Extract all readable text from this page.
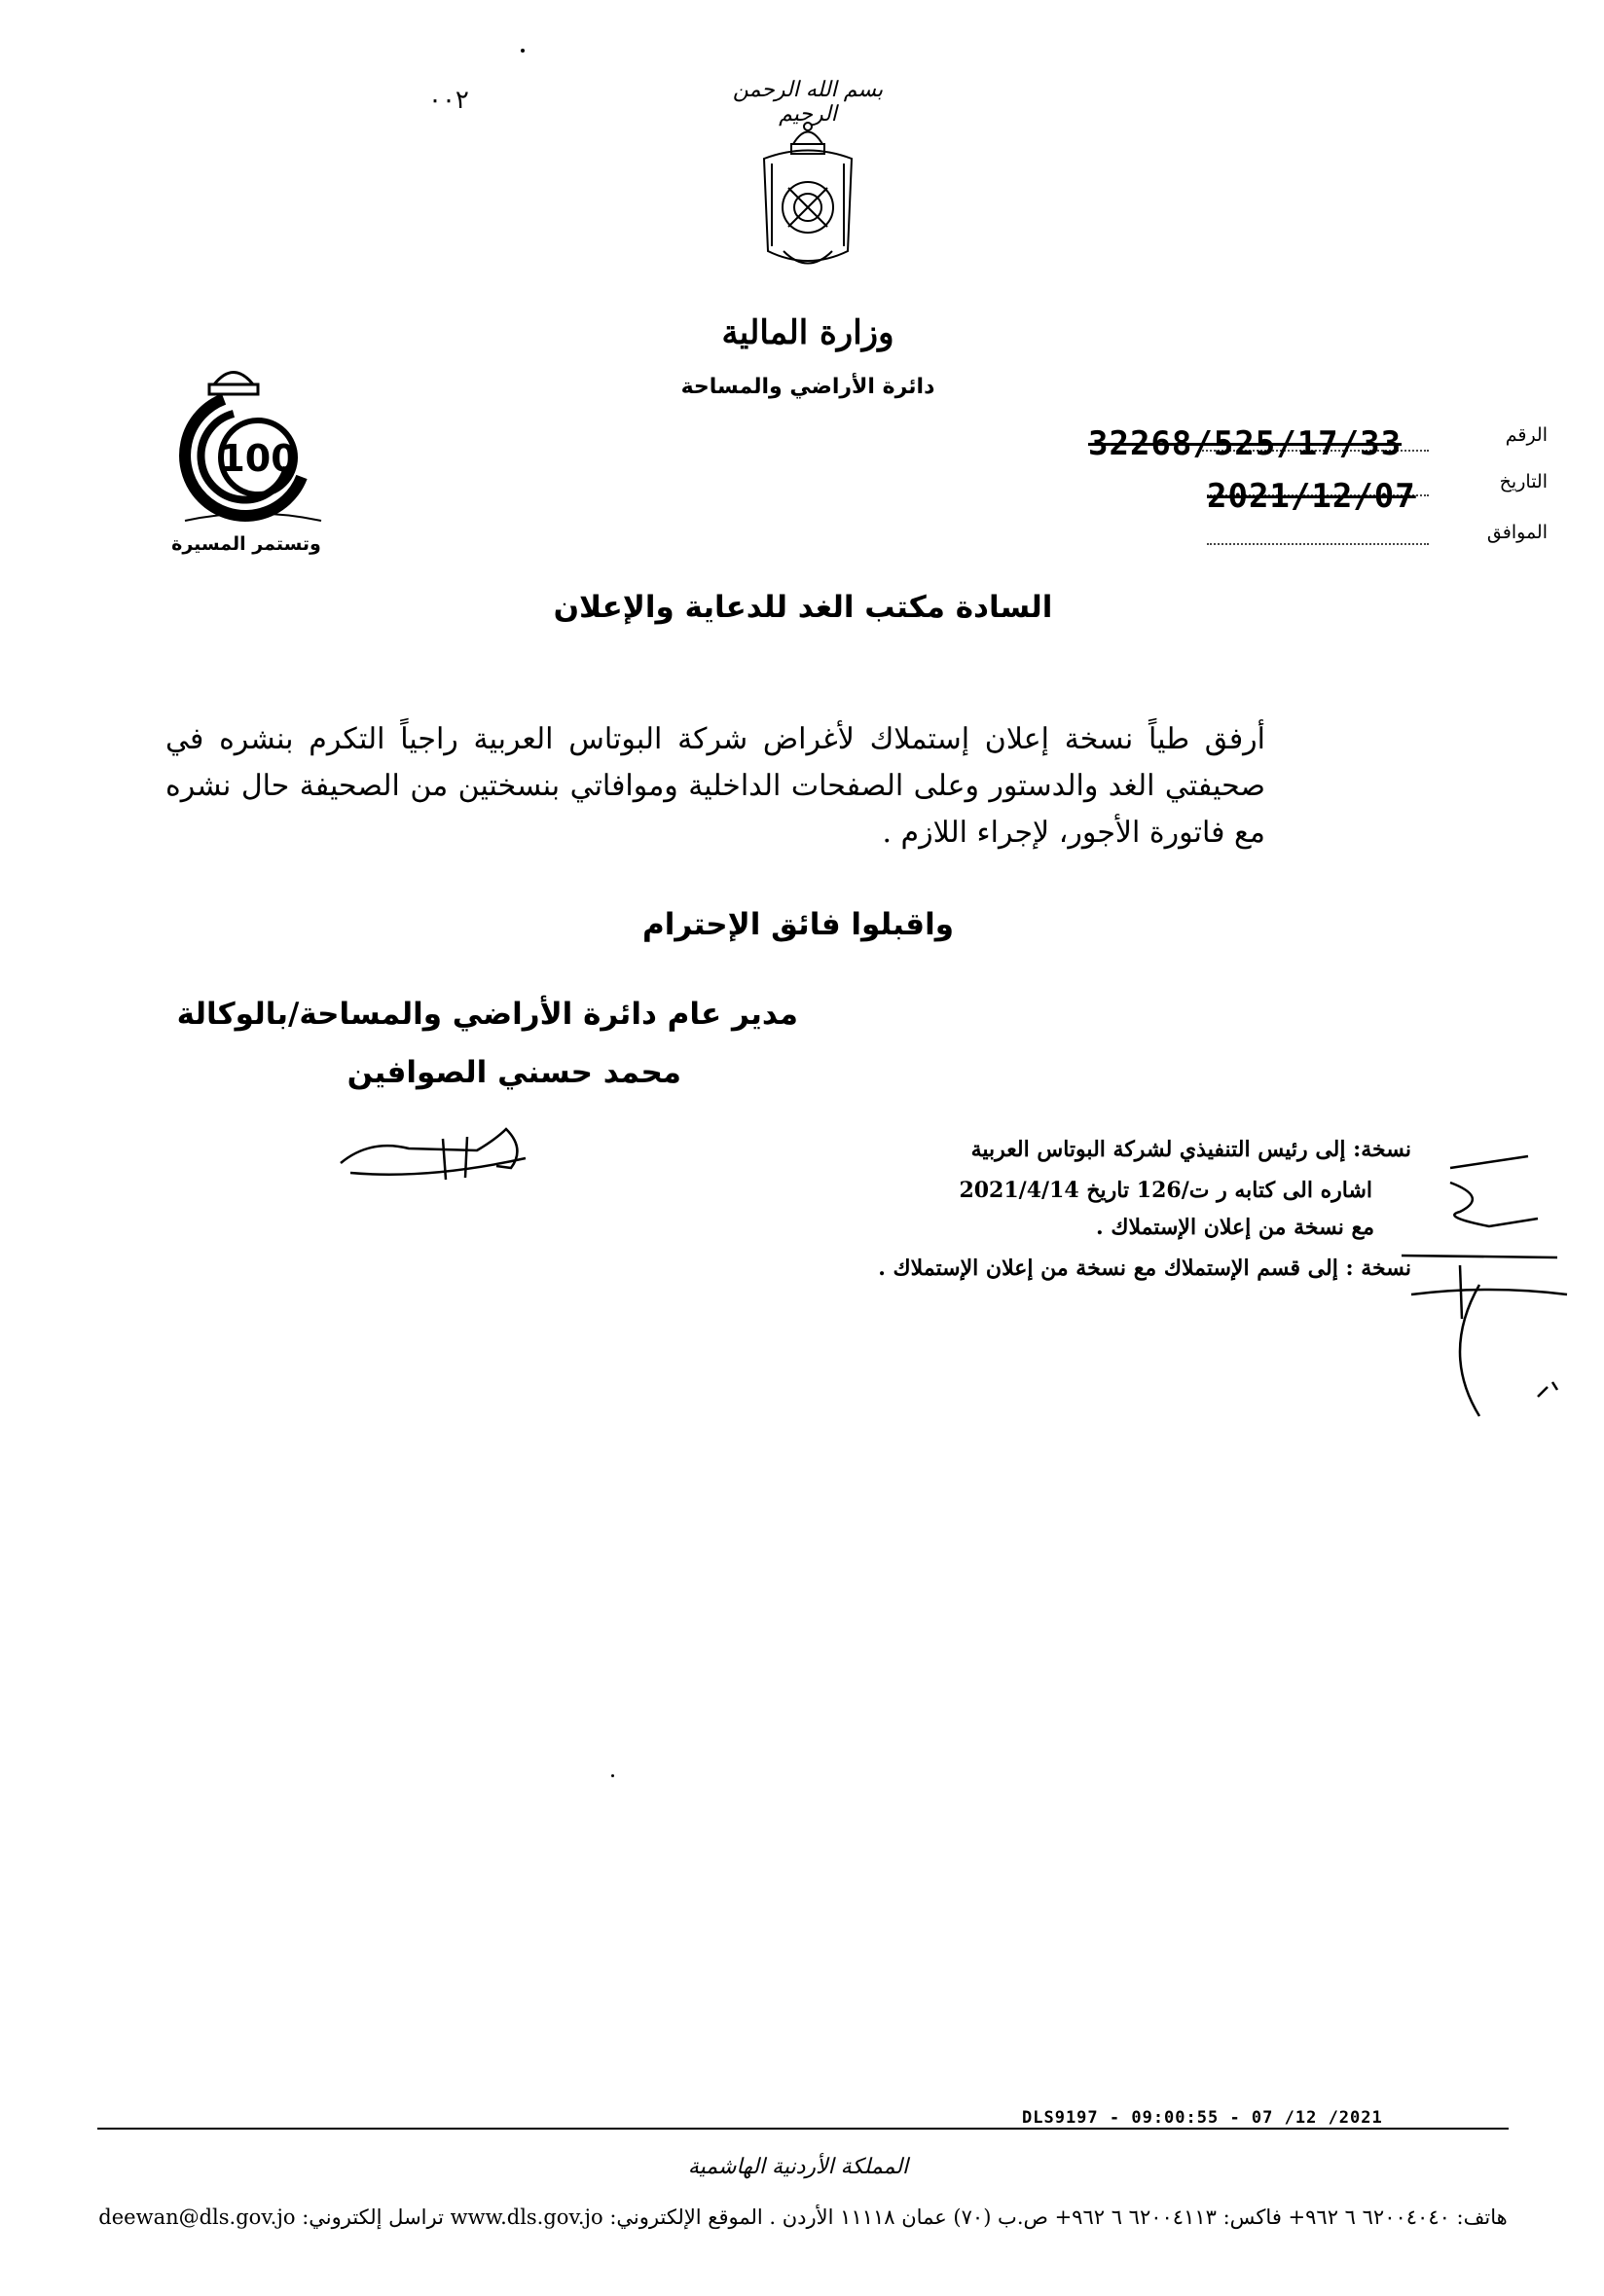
٠٠٢	بسم الله الرحمن الرحيم
وزارة المالية
دائرة الأراضي والمساحة
100
وتستمر المسيرة
الرقم
32268/525/17/33
التاريخ
2021/12/07
الموافق
السادة مكتب الغد للدعاية والإعلان
أرفق طياً نسخة إعلان إستملاك لأغراض شركة البوتاس العربية راجياً التكرم بنشره في صحيفتي الغد والدستور وعلى الصفحات الداخلية وموافاتي بنسختين من الصحيفة حال نشره مع فاتورة الأجور، لإجراء اللازم .
واقبلوا فائق الإحترام
مدير عام دائرة الأراضي والمساحة/بالوكالة
محمد حسني الصوافين
نسخة: إلى رئيس التنفيذي لشركة البوتاس العربية
اشاره الى كتابه ر ت/126 تاريخ 2021/4/14
مع نسخة من إعلان الإستملاك .
نسخة : إلى قسم الإستملاك مع نسخة من إعلان الإستملاك .
DLS9197 - 09:00:55 - 07 /12 /2021
المملكة الأردنية الهاشمية
هاتف: ٦٢٠٠٤٠٤٠ ٦ ٩٦٢+ فاكس: ٦٢٠٠٤١١٣ ٦ ٩٦٢+ ص.ب (٧٠) عمان ١١١١٨ الأردن . الموقع الإلكتروني: www.dls.gov.jo تراسل إلكتروني: deewan@dls.gov.jo
